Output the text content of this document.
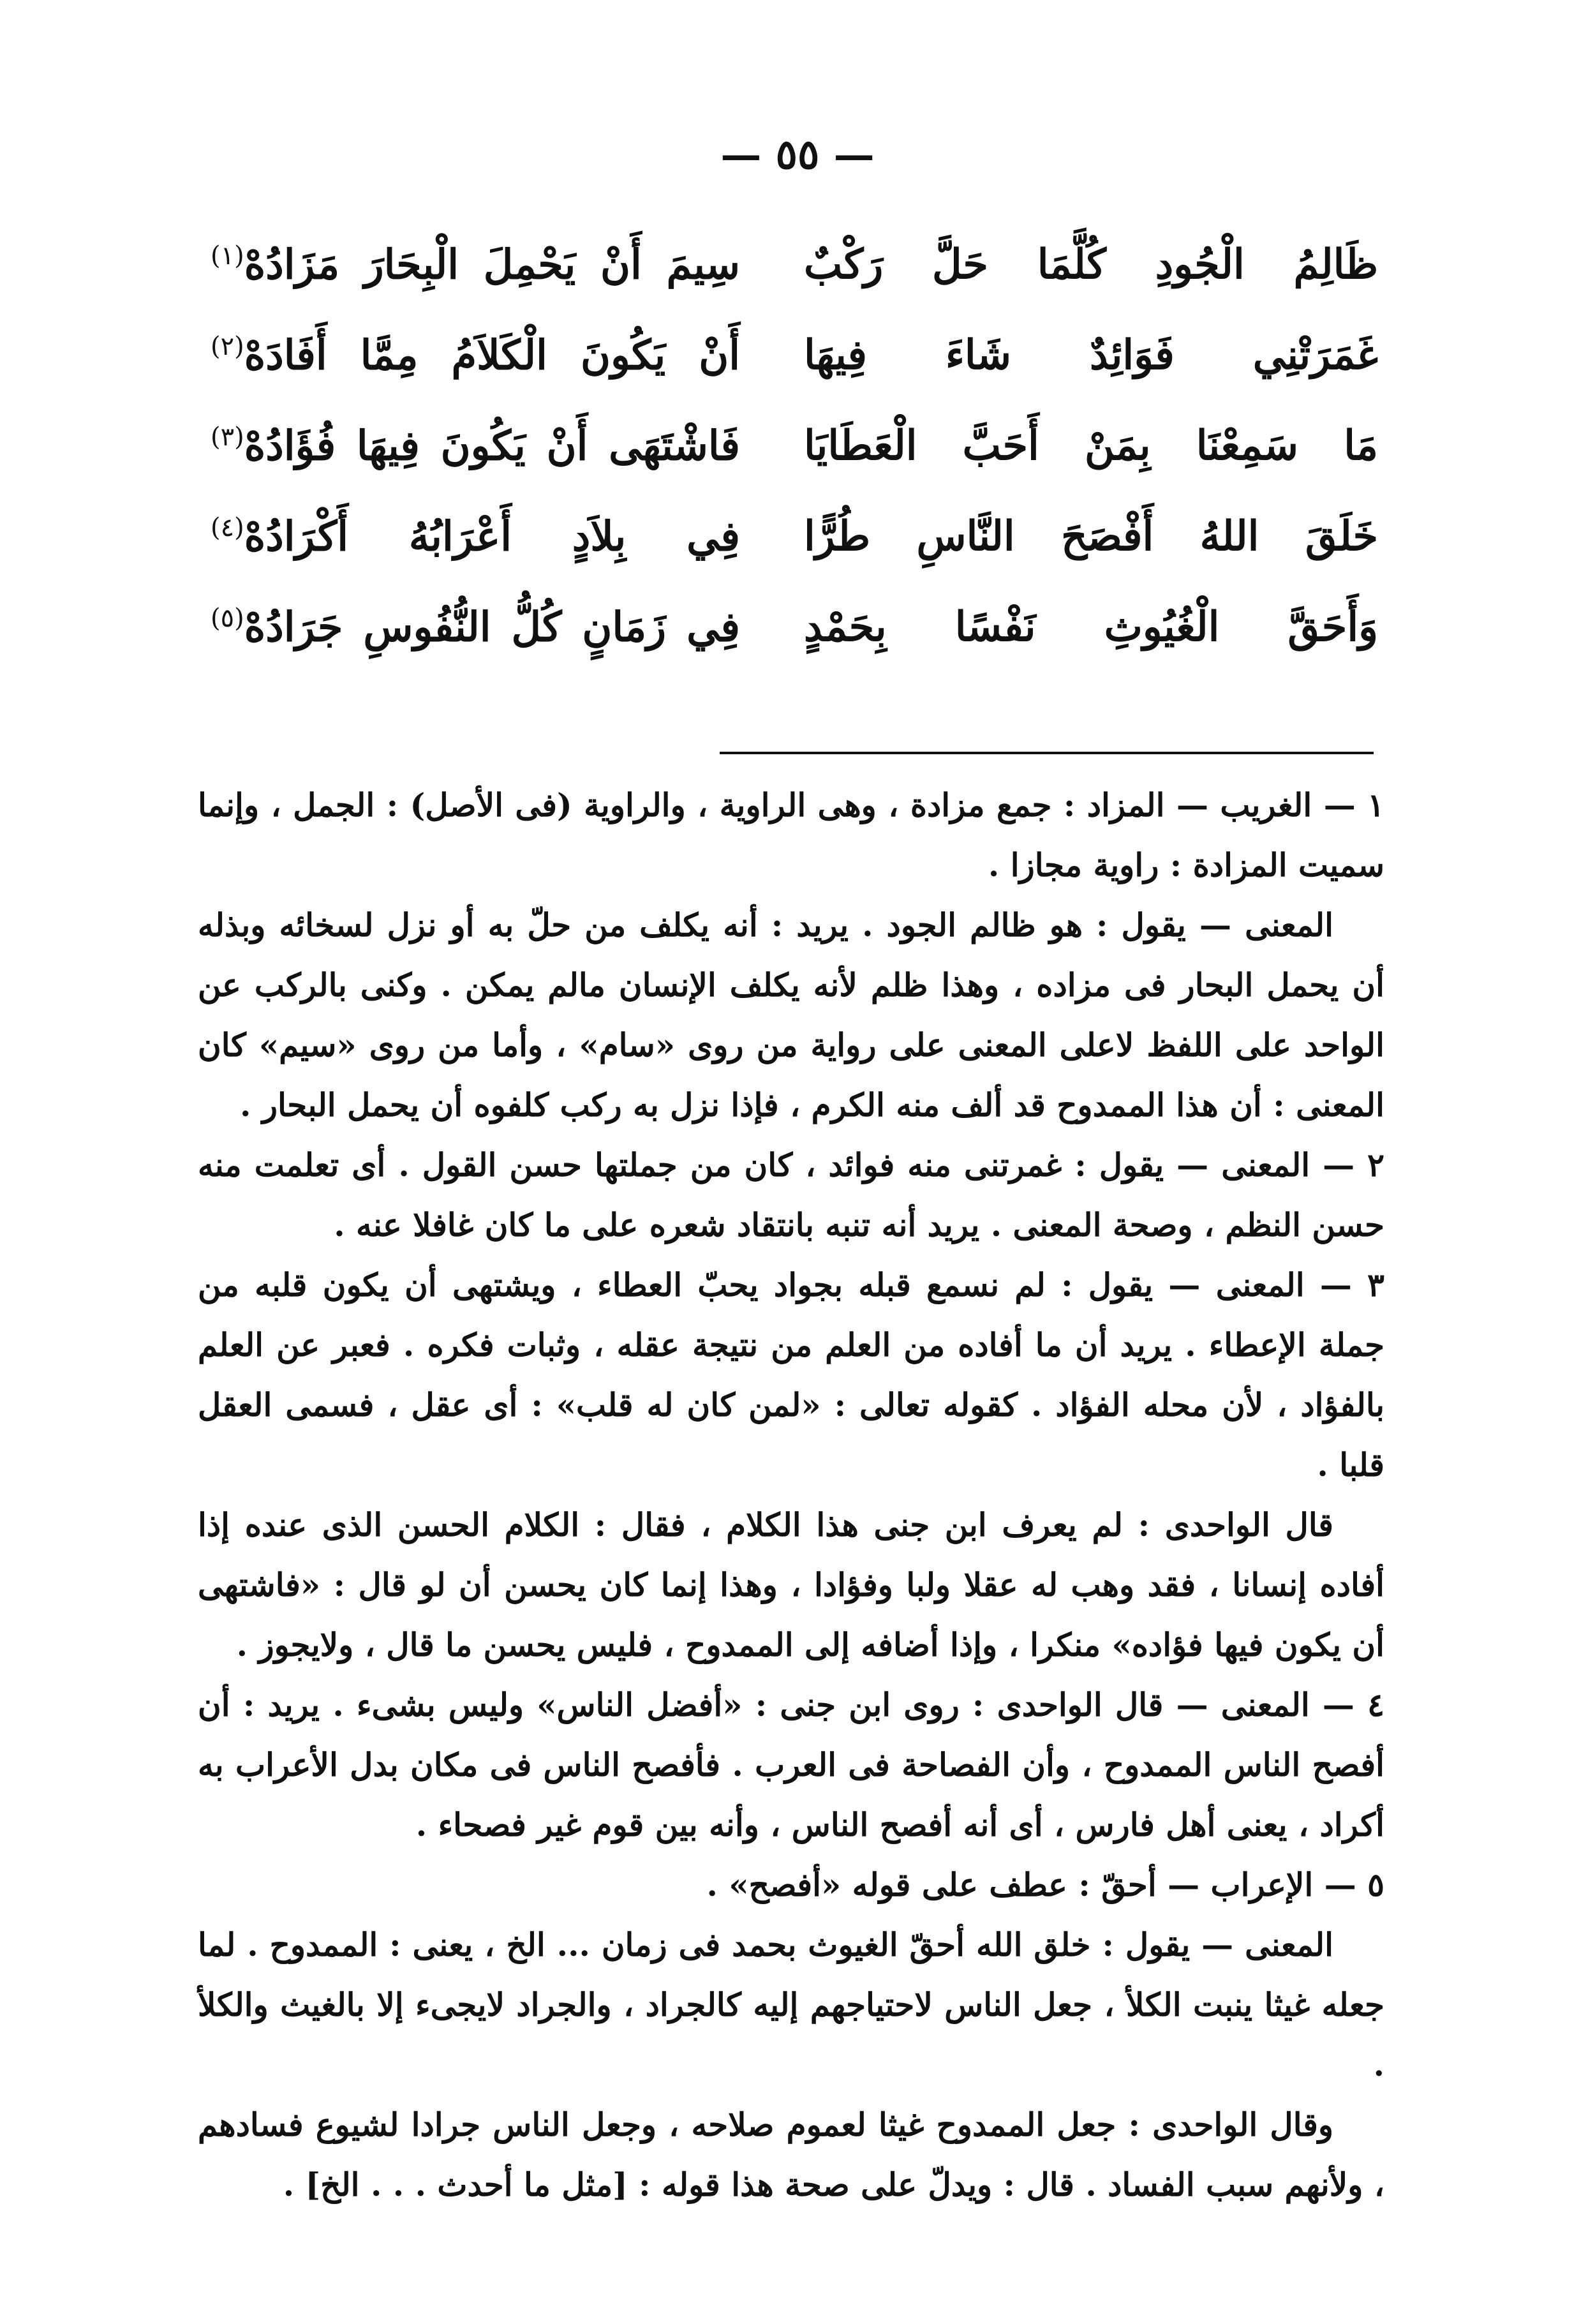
— ٥٥ —
ظَالِمُ الْجُودِ كُلَّمَا حَلَّ رَكْبٌ
سِيمَ أَنْ يَحْمِلَ الْبِحَارَ مَزَادُهْ$^{(١)}$
غَمَرَتْنِي فَوَائِدٌ شَاءَ فِيهَا
أَنْ يَكُونَ الْكَلاَمُ مِمَّا أَفَادَهْ$^{(٢)}$
مَا سَمِعْنَا بِمَنْ أَحَبَّ الْعَطَايَا
فَاشْتَهَى أَنْ يَكُونَ فِيهَا فُؤَادُهْ$^{(٣)}$
خَلَقَ اللهُ أَفْصَحَ النَّاسِ طُرًّا
فِي بِلاَدٍ أَعْرَابُهُ أَكْرَادُهْ$^{(٤)}$
وَأَحَقَّ الْغُيُوثِ نَفْسًا بِحَمْدٍ
فِي زَمَانٍ كُلُّ النُّفُوسِ جَرَادُهْ$^{(٥)}$

١ — الغريب — المزاد : جمع مزادة ، وهى الراوية ، والراوية (فى الأصل) : الجمل ، وإنما سميت المزادة : راوية مجازا .

المعنى — يقول : هو ظالم الجود . يريد : أنه يكلف من حلّ به أو نزل لسخائه وبذله أن يحمل البحار فى مزاده ، وهذا ظلم لأنه يكلف الإنسان مالم يمكن . وكنى بالركب عن الواحد على اللفظ لاعلى المعنى على رواية من روى «سام» ، وأما من روى «سيم» كان المعنى : أن هذا الممدوح قد ألف منه الكرم ، فإذا نزل به ركب كلفوه أن يحمل البحار .

٢ — المعنى — يقول : غمرتنى منه فوائد ، كان من جملتها حسن القول . أى تعلمت منه حسن النظم ، وصحة المعنى . يريد أنه تنبه بانتقاد شعره على ما كان غافلا عنه .

٣ — المعنى — يقول : لم نسمع قبله بجواد يحبّ العطاء ، ويشتهى أن يكون قلبه من جملة الإعطاء . يريد أن ما أفاده من العلم من نتيجة عقله ، وثبات فكره . فعبر عن العلم بالفؤاد ، لأن محله الفؤاد . كقوله تعالى : «لمن كان له قلب» : أى عقل ، فسمى العقل قلبا .

قال الواحدى : لم يعرف ابن جنى هذا الكلام ، فقال : الكلام الحسن الذى عنده إذا أفاده إنسانا ، فقد وهب له عقلا ولبا وفؤادا ، وهذا إنما كان يحسن أن لو قال : «فاشتهى أن يكون فيها فؤاده» منكرا ، وإذا أضافه إلى الممدوح ، فليس يحسن ما قال ، ولايجوز .

٤ — المعنى — قال الواحدى : روى ابن جنى : «أفضل الناس» وليس بشىء . يريد : أن أفصح الناس الممدوح ، وأن الفصاحة فى العرب . فأفصح الناس فى مكان بدل الأعراب به أكراد ، يعنى أهل فارس ، أى أنه أفصح الناس ، وأنه بين قوم غير فصحاء .

٥ — الإعراب — أحقّ : عطف على قوله «أفصح» .

المعنى — يقول : خلق الله أحقّ الغيوث بحمد فى زمان ... الخ ، يعنى : الممدوح . لما جعله غيثا ينبت الكلأ ، جعل الناس لاحتياجهم إليه كالجراد ، والجراد لايجىء إلا بالغيث والكلأ .

وقال الواحدى : جعل الممدوح غيثا لعموم صلاحه ، وجعل الناس جرادا لشيوع فسادهم ، ولأنهم سبب الفساد . قال : ويدلّ على صحة هذا قوله : [مثل ما أحدث . . . الخ] .
